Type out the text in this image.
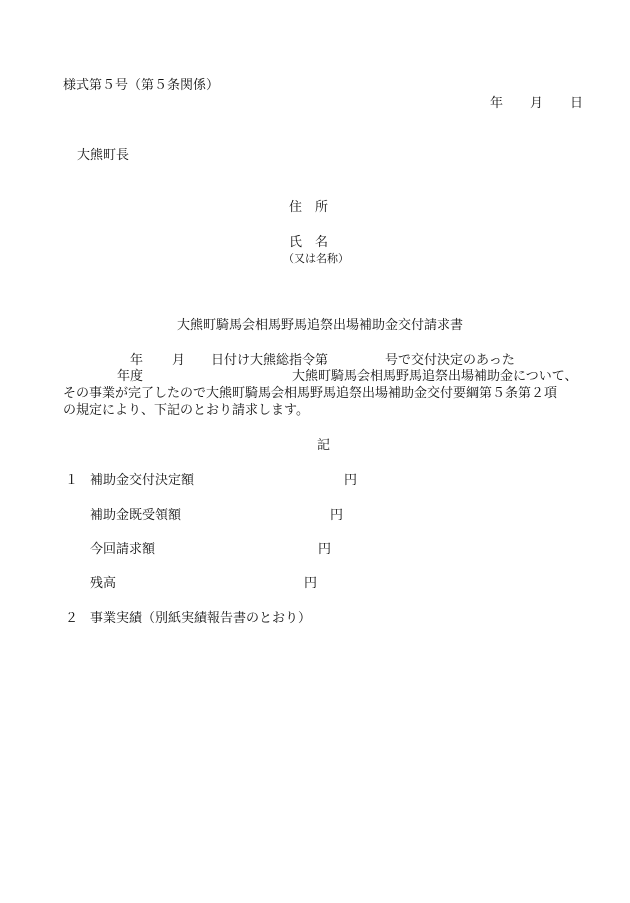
様式第５号（第５条関係）
年 月 日
大熊町長
住　所
氏　名
（又は名称）
大熊町騎馬会相馬野馬追祭出場補助金交付請求書
年 月 日付け大熊総指令第	号で交付決定のあった
年度	大熊町騎馬会相馬野馬追祭出場補助金について、
その事業が完了したので大熊町騎馬会相馬野馬追祭出場補助金交付要綱第５条第２項
の規定により、下記のとおり請求します。
記
１ 補助金交付決定額	円
補助金既受領額	円
今回請求額	円
残高	円
２ 事業実績（別紙実績報告書のとおり）
